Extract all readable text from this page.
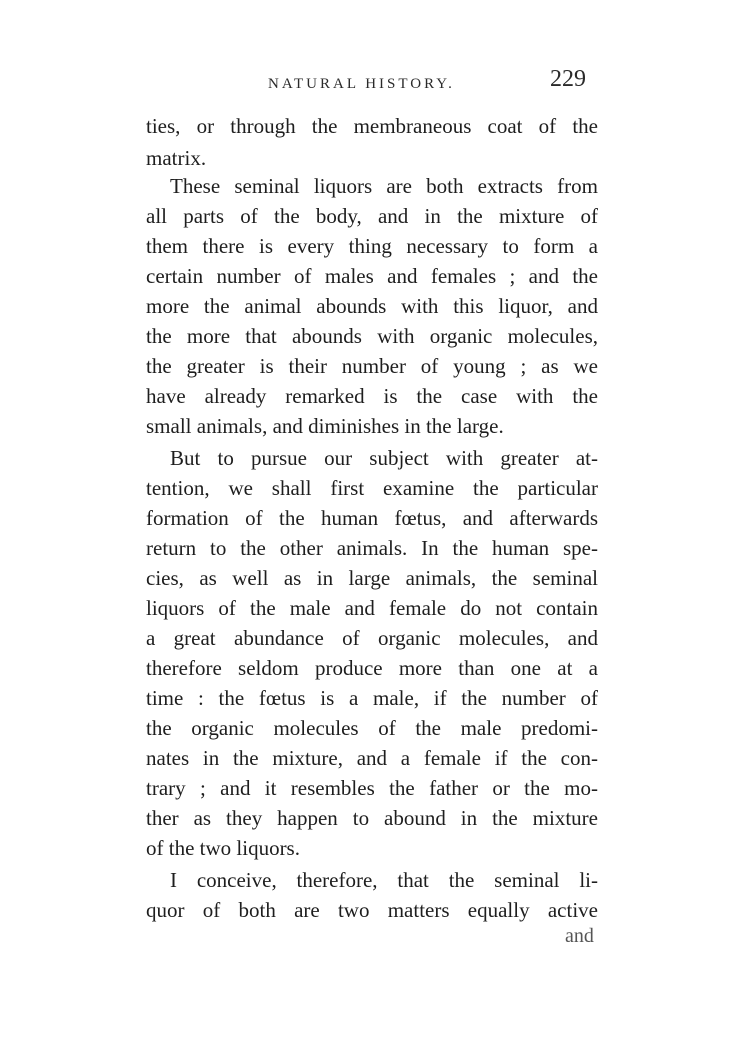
NATURAL HISTORY.	229
ties, or through the membraneous coat of the
matrix.
These seminal liquors are both extracts from
all parts of the body, and in the mixture of
them there is every thing necessary to form a
certain number of males and females ; and the
more the animal abounds with this liquor, and
the more that abounds with organic molecules,
the greater is their number of young ; as we
have already remarked is the case with the
small animals, and diminishes in the large.
But to pursue our subject with greater at-
tention, we shall first examine the particular
formation of the human fœtus, and afterwards
return to the other animals. In the human spe-
cies, as well as in large animals, the seminal
liquors of the male and female do not contain
a great abundance of organic molecules, and
therefore seldom produce more than one at a
time : the fœtus is a male, if the number of
the organic molecules of the male predomi-
nates in the mixture, and a female if the con-
trary ; and it resembles the father or the mo-
ther as they happen to abound in the mixture
of the two liquors.
I conceive, therefore, that the seminal li-
quor of both are two matters equally active
and
